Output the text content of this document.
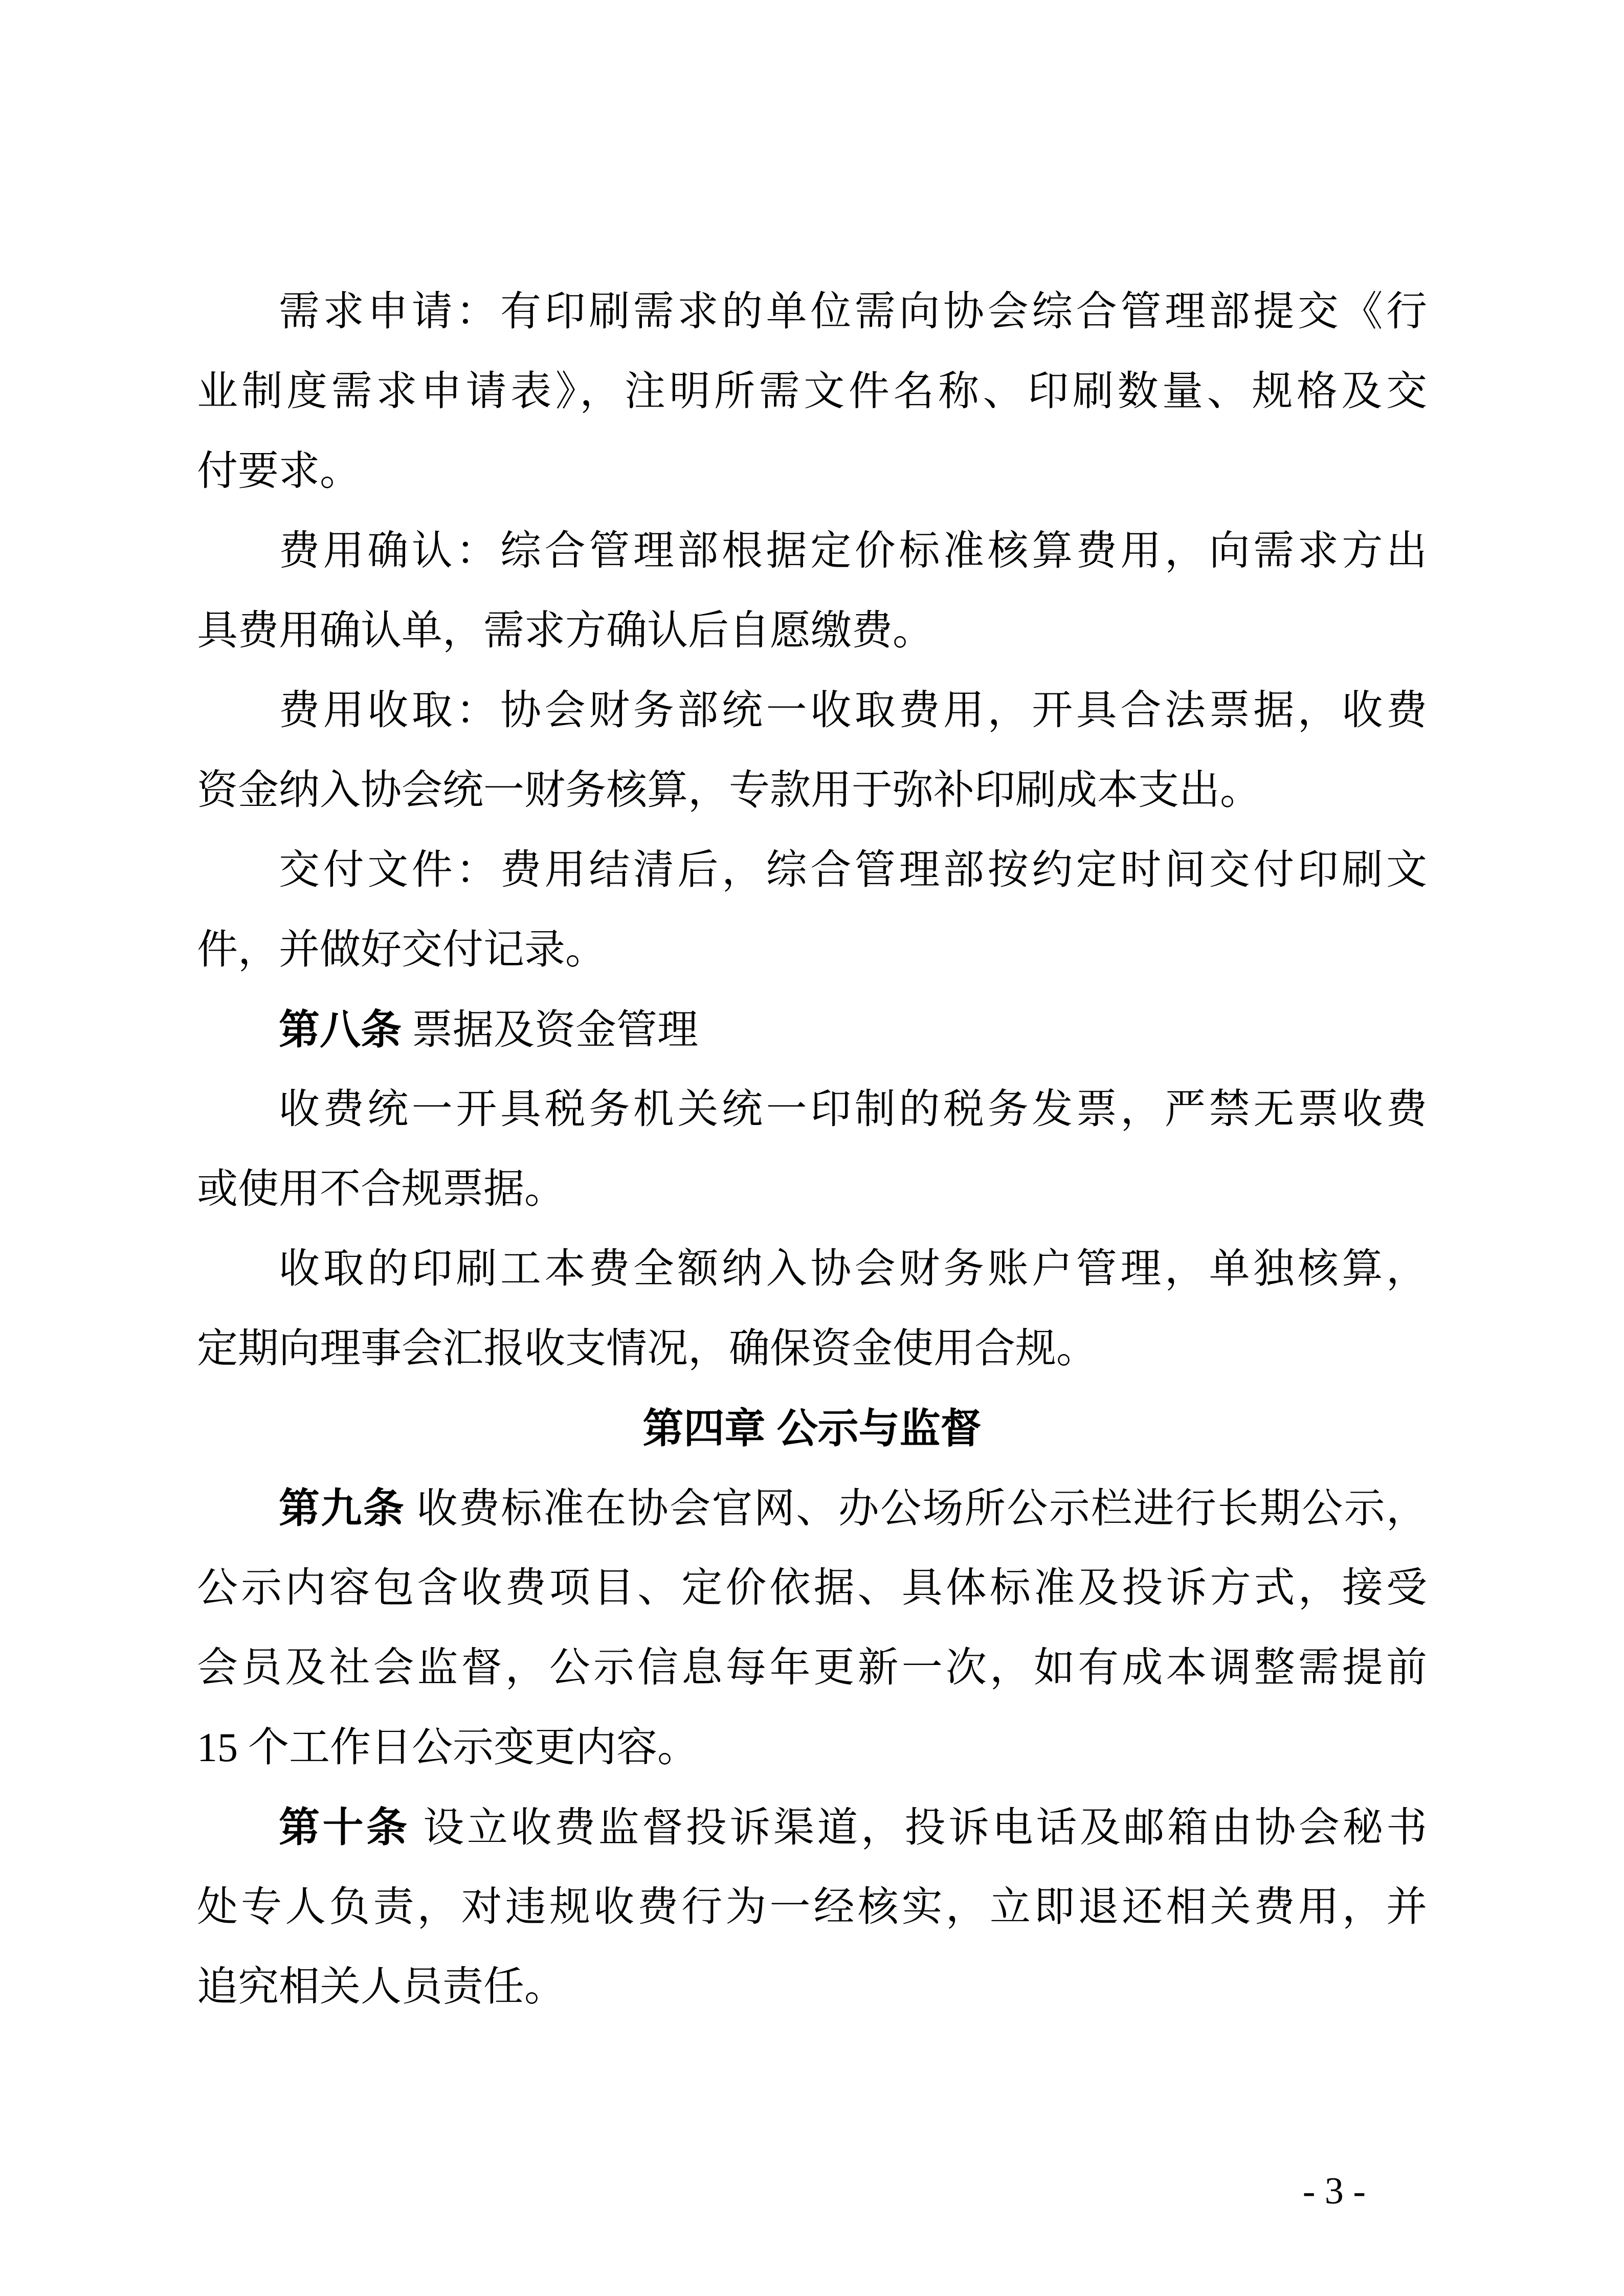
需求申请：有印刷需求的单位需向协会综合管理部提交《行
业制度需求申请表》，注明所需文件名称、印刷数量、规格及交
付要求。
费用确认：综合管理部根据定价标准核算费用，向需求方出
具费用确认单，需求方确认后自愿缴费。
费用收取：协会财务部统一收取费用，开具合法票据，收费
资金纳入协会统一财务核算，专款用于弥补印刷成本支出。
交付文件：费用结清后，综合管理部按约定时间交付印刷文
件，并做好交付记录。
第八条 票据及资金管理
收费统一开具税务机关统一印制的税务发票，严禁无票收费
或使用不合规票据。
收取的印刷工本费全额纳入协会财务账户管理，单独核算，
定期向理事会汇报收支情况，确保资金使用合规。
第四章 公示与监督
第九条 收费标准在协会官网、办公场所公示栏进行长期公示，
公示内容包含收费项目、定价依据、具体标准及投诉方式，接受
会员及社会监督，公示信息每年更新一次，如有成本调整需提前
15 个工作日公示变更内容。
第十条 设立收费监督投诉渠道，投诉电话及邮箱由协会秘书
处专人负责，对违规收费行为一经核实，立即退还相关费用，并
追究相关人员责任。
- 3 -
